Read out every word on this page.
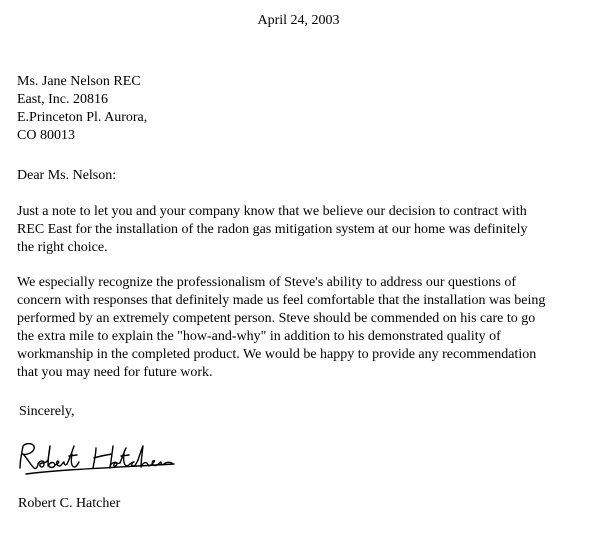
April 24, 2003
Ms. Jane Nelson REC
East, Inc. 20816
E.Princeton Pl. Aurora,
CO 80013
Dear Ms. Nelson:
Just a note to let you and your company know that we believe our decision to contract with
REC East for the installation of the radon gas mitigation system at our home was definitely
the right choice.
We especially recognize the professionalism of Steve's ability to address our questions of
concern with responses that definitely made us feel comfortable that the installation was being
performed by an extremely competent person. Steve should be commended on his care to go
the extra mile to explain the "how-and-why" in addition to his demonstrated quality of
workmanship in the completed product. We would be happy to provide any recommendation
that you may need for future work.
Sincerely,
Robert C. Hatcher
